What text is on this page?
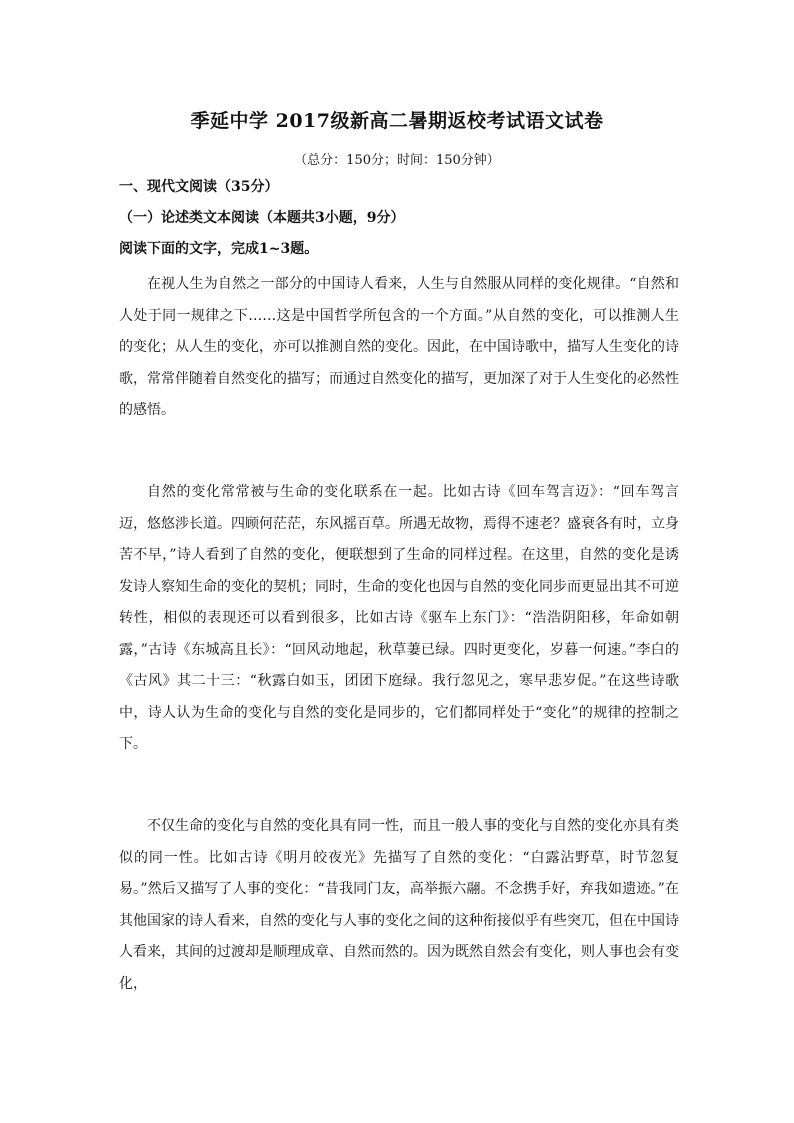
季延中学 2017级新高二暑期返校考试语文试卷
（总分：150分；时间：150分钟）
一、现代文阅读（35分）
（一）论述类文本阅读（本题共3小题，9分）
阅读下面的文字，完成1~3题。

在视人生为自然之一部分的中国诗人看来，人生与自然服从同样的变化规律。“自然和人处于同一规律之下……这是中国哲学所包含的一个方面。”从自然的变化，可以推测人生的变化；从人生的变化，亦可以推测自然的变化。因此，在中国诗歌中，描写人生变化的诗歌，常常伴随着自然变化的描写；而通过自然变化的描写，更加深了对于人生变化的必然性的感悟。

自然的变化常常被与生命的变化联系在一起。比如古诗《回车驾言迈》：“回车驾言迈，悠悠涉长道。四顾何茫茫，东风摇百草。所遇无故物，焉得不速老？盛衰各有时，立身苦不早，”诗人看到了自然的变化，便联想到了生命的同样过程。在这里，自然的变化是诱发诗人察知生命的变化的契机；同时，生命的变化也因与自然的变化同步而更显出其不可逆转性，相似的表现还可以看到很多，比如古诗《驱车上东门》：“浩浩阴阳移，年命如朝露，”古诗《东城高且长》：“回风动地起，秋草萋已绿。四时更变化，岁暮一何速。”李白的《古风》其二十三：“秋露白如玉，团团下庭绿。我行忽见之，寒早悲岁促。”在这些诗歌中，诗人认为生命的变化与自然的变化是同步的，它们都同样处于“变化”的规律的控制之下。

不仅生命的变化与自然的变化具有同一性，而且一般人事的变化与自然的变化亦具有类似的同一性。比如古诗《明月皎夜光》先描写了自然的变化：“白露沾野草，时节忽复易。”然后又描写了人事的变化：“昔我同门友，高举振六翮。不念携手好，弃我如遗迹。”在其他国家的诗人看来，自然的变化与人事的变化之间的这种衔接似乎有些突兀，但在中国诗人看来，其间的过渡却是顺理成章、自然而然的。因为既然自然会有变化，则人事也会有变化，
